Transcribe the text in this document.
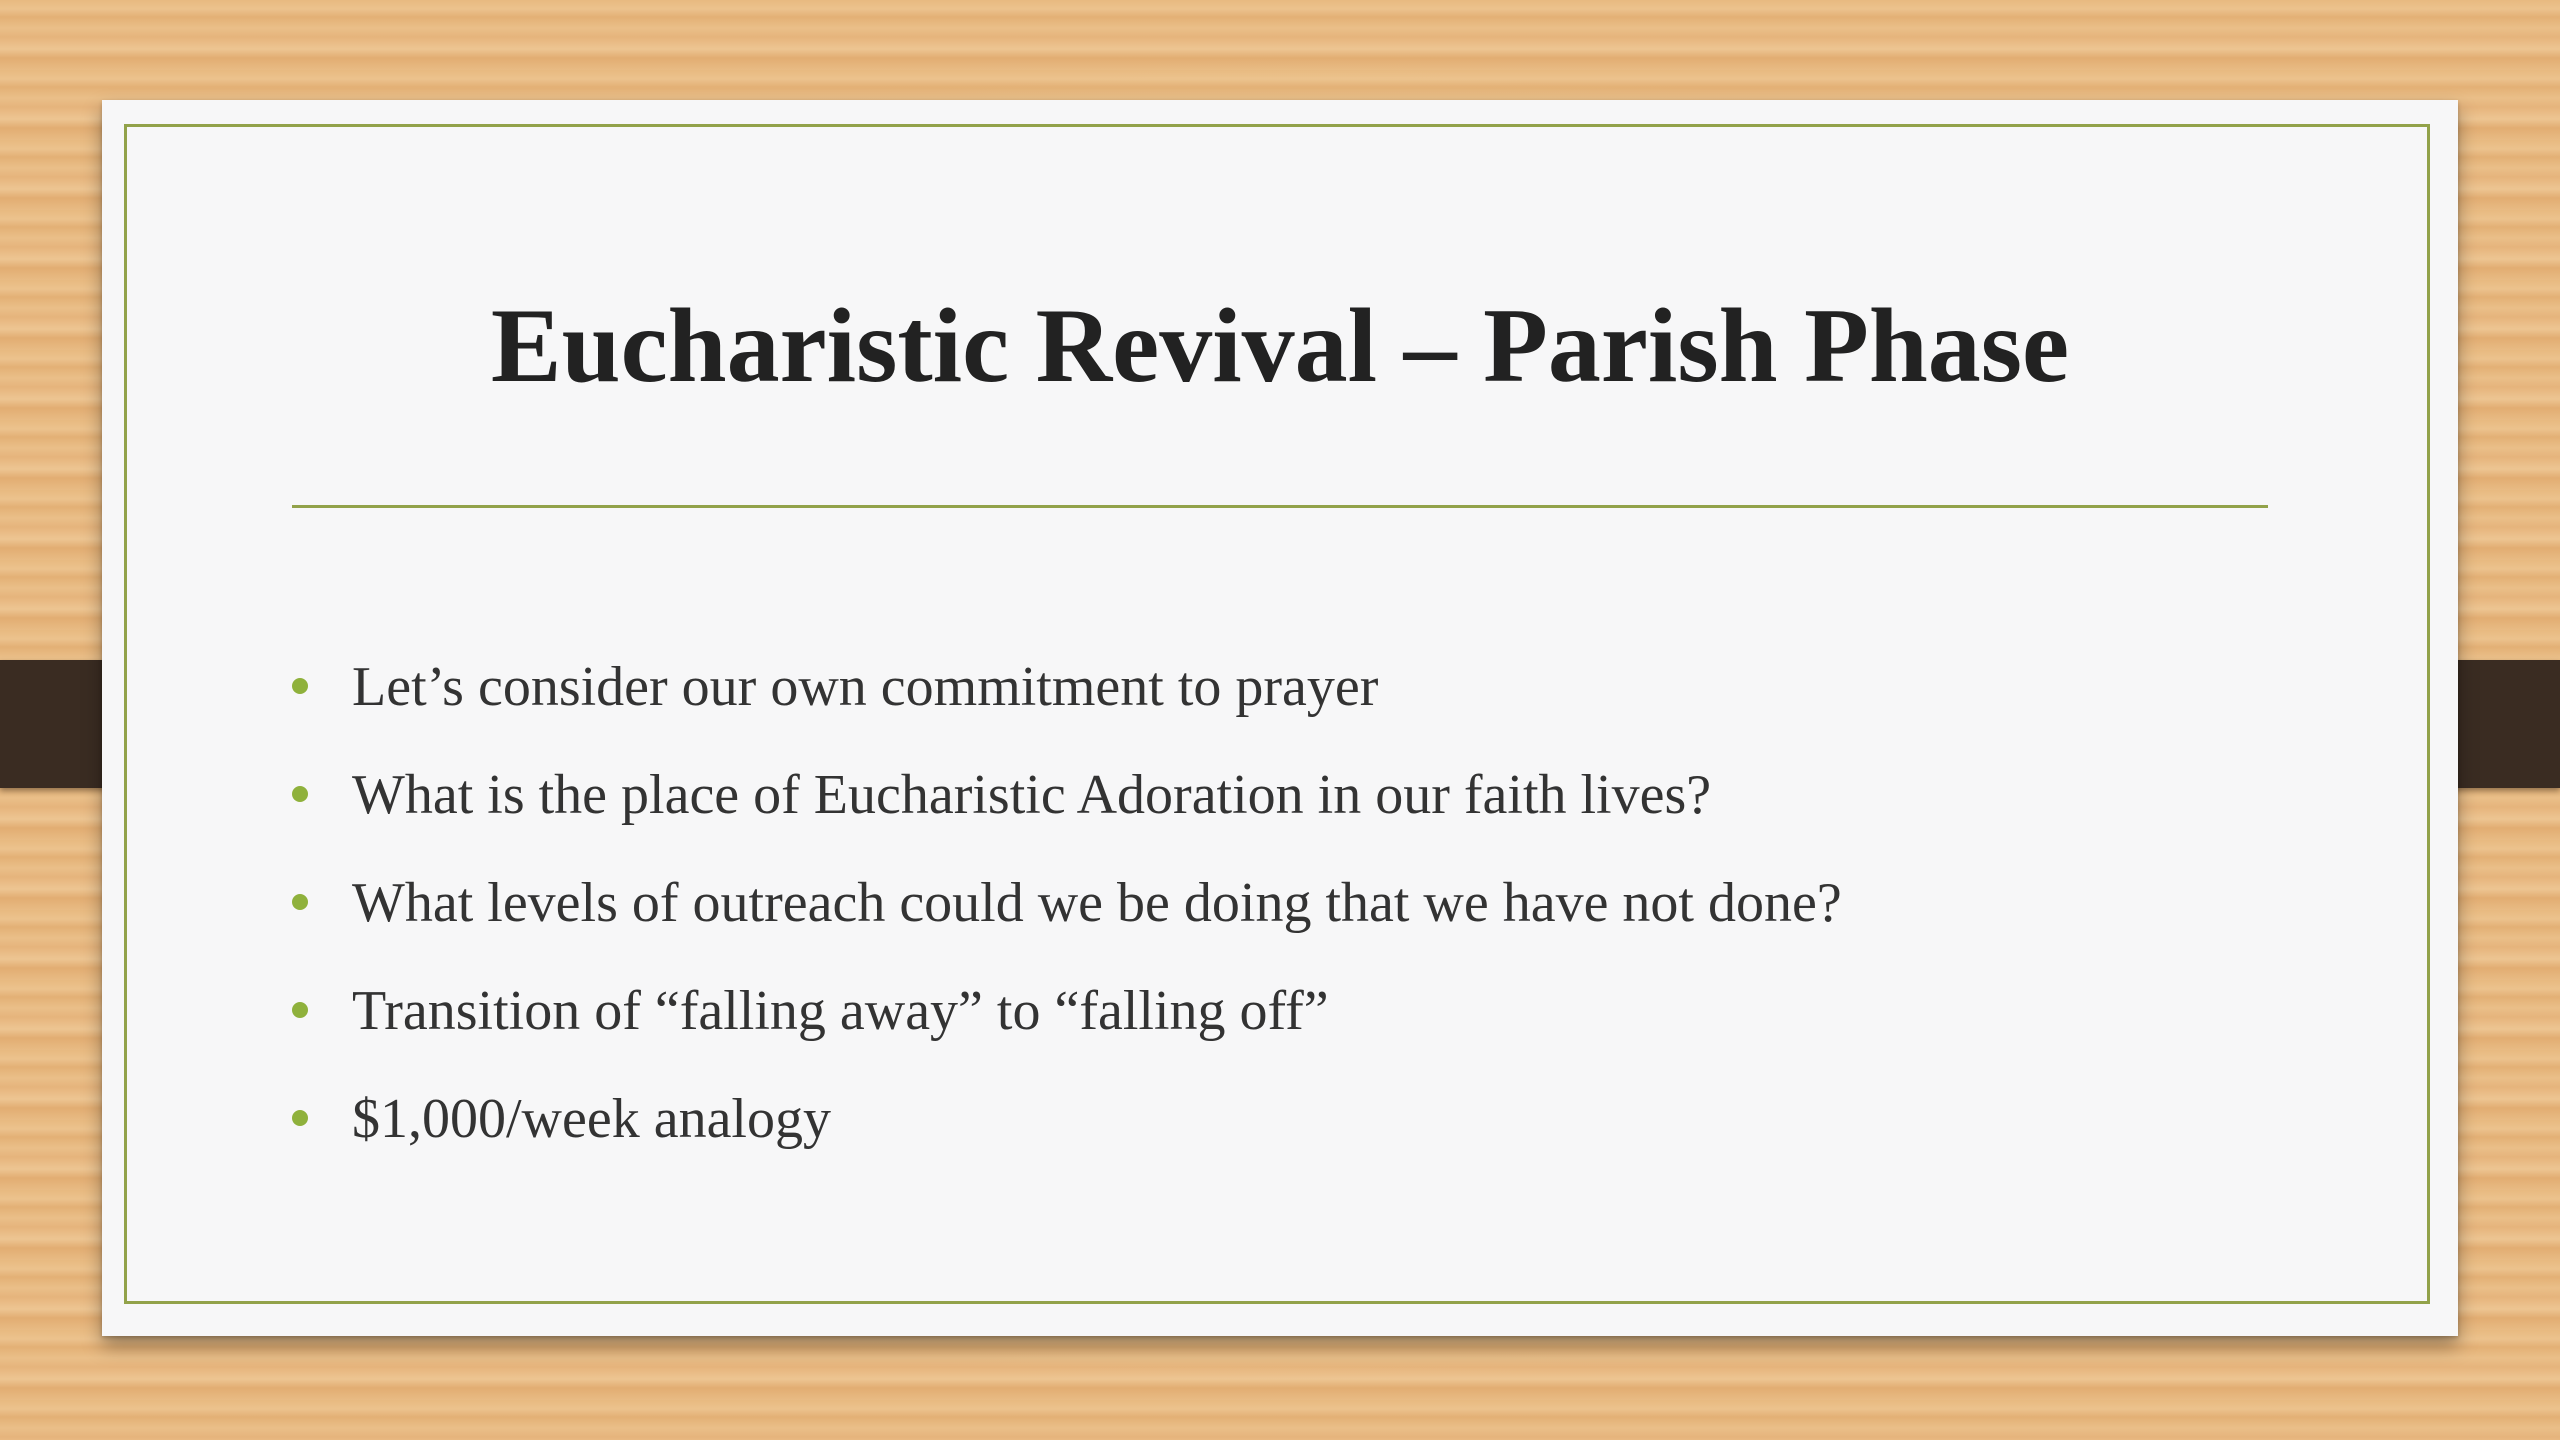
Eucharistic Revival – Parish Phase
Let’s consider our own commitment to prayer
What is the place of Eucharistic Adoration in our faith lives?
What levels of outreach could we be doing that we have not done?
Transition of “falling away” to “falling off”
$1,000/week analogy
